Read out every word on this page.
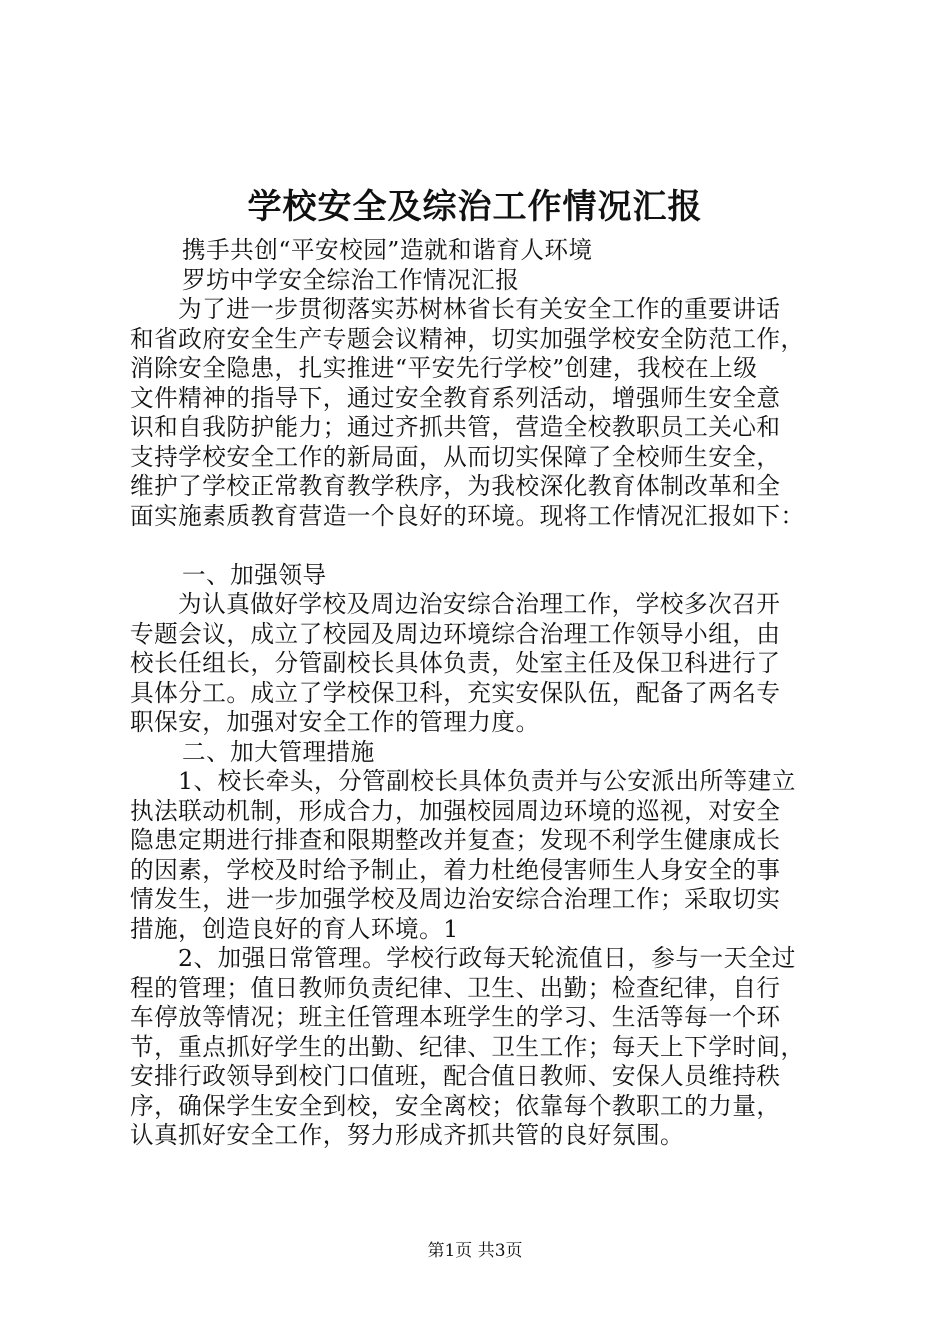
学校安全及综治工作情况汇报
携手共创“平安校园”造就和谐育人环境
罗坊中学安全综治工作情况汇报
为了进一步贯彻落实苏树林省长有关安全工作的重要讲话
和省政府安全生产专题会议精神，切实加强学校安全防范工作，
消除安全隐患，扎实推进“平安先行学校”创建，我校在上级
文件精神的指导下，通过安全教育系列活动，增强师生安全意
识和自我防护能力；通过齐抓共管，营造全校教职员工关心和
支持学校安全工作的新局面，从而切实保障了全校师生安全，
维护了学校正常教育教学秩序，为我校深化教育体制改革和全
面实施素质教育营造一个良好的环境。现将工作情况汇报如下：
一、加强领导
为认真做好学校及周边治安综合治理工作，学校多次召开
专题会议，成立了校园及周边环境综合治理工作领导小组，由
校长任组长，分管副校长具体负责，处室主任及保卫科进行了
具体分工。成立了学校保卫科，充实安保队伍，配备了两名专
职保安，加强对安全工作的管理力度。
二、加大管理措施
1、校长牵头，分管副校长具体负责并与公安派出所等建立
执法联动机制，形成合力，加强校园周边环境的巡视，对安全
隐患定期进行排查和限期整改并复查；发现不利学生健康成长
的因素，学校及时给予制止，着力杜绝侵害师生人身安全的事
情发生，进一步加强学校及周边治安综合治理工作；采取切实
措施，创造良好的育人环境。1
2、加强日常管理。学校行政每天轮流值日，参与一天全过
程的管理；值日教师负责纪律、卫生、出勤；检查纪律，自行
车停放等情况；班主任管理本班学生的学习、生活等每一个环
节，重点抓好学生的出勤、纪律、卫生工作；每天上下学时间，
安排行政领导到校门口值班，配合值日教师、安保人员维持秩
序，确保学生安全到校，安全离校；依靠每个教职工的力量，
认真抓好安全工作，努力形成齐抓共管的良好氛围。
第1页 共3页
